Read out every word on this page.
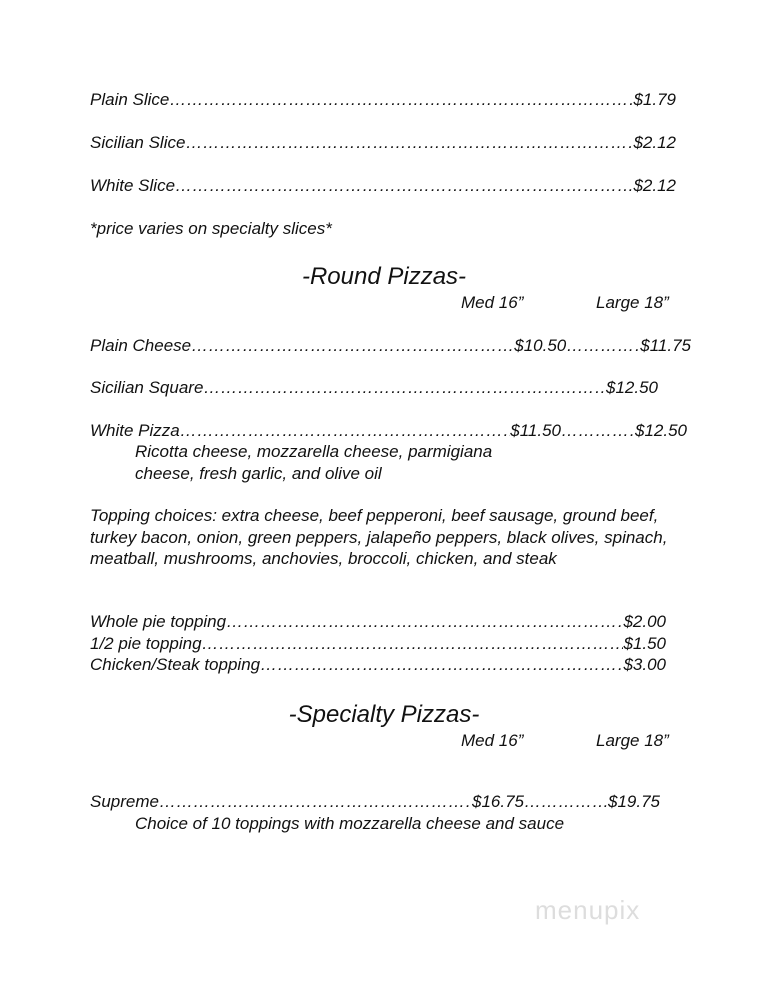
Plain Slice ………………………………………………………………………………………………………………………………………………	$1.79
Sicilian Slice ………………………………………………………………………………………………………………………………………………	$2.12
White Slice ………………………………………………………………………………………………………………………………………………	$2.12
*price varies on specialty slices*
-Round Pizzas-
Med 16”	Large 18”
Plain Cheese ………………………………………………………………………………………………………………………………………………	$10.50 ………………………………………………………………………………………………………………………………………………	$11.75
Sicilian Square ………………………………………………………………………………………………………………………………………………	$12.50
White Pizza ………………………………………………………………………………………………………………………………………………	$11.50 ………………………………………………………………………………………………………………………………………………	$12.50
Ricotta cheese, mozzarella cheese, parmigiana
cheese, fresh garlic, and olive oil
Topping choices: extra cheese, beef pepperoni, beef sausage, ground beef, turkey bacon, onion, green peppers, jalapeño peppers, black olives, spinach, meatball, mushrooms, anchovies, broccoli, chicken, and steak
Whole pie topping ………………………………………………………………………………………………………………………………………………	$2.00
1/2 pie topping ………………………………………………………………………………………………………………………………………………	$1.50
Chicken/Steak topping ………………………………………………………………………………………………………………………………………………	$3.00
-Specialty Pizzas-
Med 16”	Large 18”
Supreme ………………………………………………………………………………………………………………………………………………	$16.75 ………………………………………………………………………………………………………………………………………………	$19.75
Choice of 10 toppings with mozzarella cheese and sauce
menupix
